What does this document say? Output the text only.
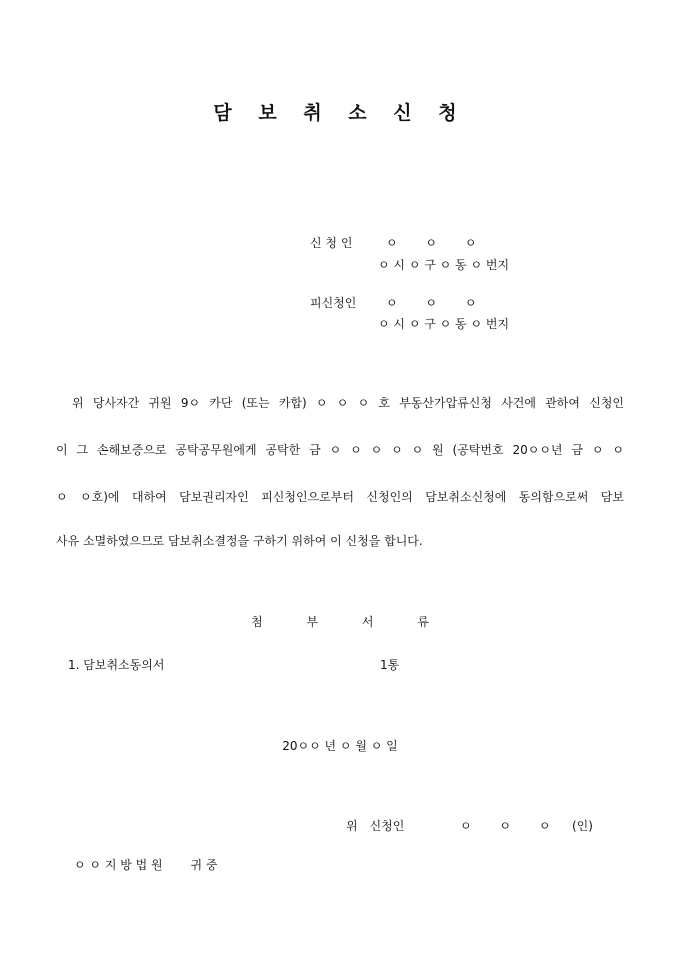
담 보 취 소 신 청
신 청 인	ㅇ　　 ㅇ　　 ㅇ
ㅇ 시 ㅇ 구 ㅇ 동 ㅇ 번지
피신청인 ㅇ　　 ㅇ　　 ㅇ
ㅇ 시 ㅇ 구 ㅇ 동 ㅇ 번지
위 당사자간 귀원 9ㅇ 카단 (또는 카합) ㅇ ㅇ ㅇ 호 부동산가압류신청 사건에 관하여 신청인
이 그 손해보증으로 공탁공무원에게 공탁한 금 ㅇ ㅇ ㅇ ㅇ ㅇ 원 (공탁번호 20ㅇㅇ년 금 ㅇ ㅇ
ㅇ ㅇ호)에 대하여 담보권리자인 피신청인으로부터 신청인의 담보취소신청에 동의함으로써 담보
사유 소멸하였으므로 담보취소결정을 구하기 위하여 이 신청을 합니다.
첨 부 서 류
1. 담보취소동의서	1통
20ㅇㅇ 년 ㅇ 월 ㅇ 일
위　신청인	ㅇ　　 ㅇ　　 ㅇ (인)
ㅇ ㅇ 지 방 법 원　　 귀 중
